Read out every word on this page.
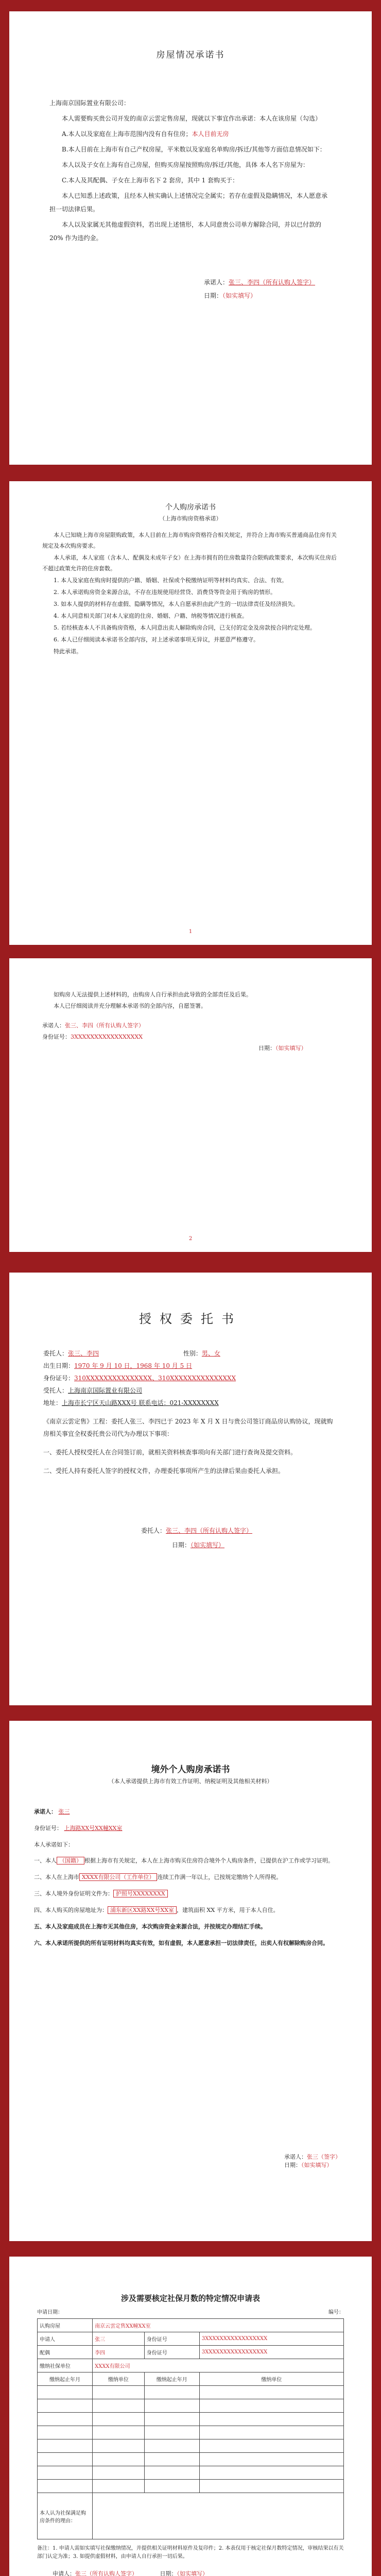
房屋情况承诺书

上海南京国际置业有限公司：

本人需要购买贵公司开发的南京云雲定售房屋，现就以下事宜作出承诺：本人在该房屋（勾选）

A.本人以及家庭在上海市范围内没有自有住房；本人目前无房

B.本人目前在上海市有自己产权房屋，平米数以及家庭名单购房/拆迁/其他等方面信息情况如下：

本人以及子女在上海有自己房屋，但购买房屋按照购房/拆迁/其他，具体 本人名下房屋为：

C.本人及其配偶、子女在上海市名下 2 套房，其中 1 套购买于：

本人已知悉上述政策，且经本人核实确认上述情况完全属实；若存在虚假及隐瞒情况，本人愿意承担一切法律后果。

本人以及家属无其他虚假资料，若出现上述情形，本人同意贵公司单方解除合同，并以已付款的 20% 作为违约金。

承诺人：张三、李四（所有认购人签字）
日期：（如实填写）
个人购房承诺书
（上海市购房资格承诺）

本人已知晓上海市房屋限购政策，本人目前在上海市购房资格符合相关规定，并符合上海市购买普通商品住房有关规定及本次购房要求。

本人承诺，本人家庭（含本人、配偶及未成年子女）在上海市拥有的住房数量符合限购政策要求，本次购买住房后不超过政策允许的住房套数。

1. 本人及家庭在购房时提供的户籍、婚姻、社保或个税缴纳证明等材料均真实、合法、有效。

2. 本人承诺购房资金来源合法，不存在违规使用经营贷、消费贷等资金用于购房的情形。

3. 如本人提供的材料存在虚假、隐瞒等情况，本人自愿承担由此产生的一切法律责任及经济损失。

4. 本人同意相关部门对本人家庭的住房、婚姻、户籍、纳税等情况进行核查。

5. 若经核查本人不具备购房资格，本人同意出卖人解除购房合同，已支付的定金及房款按合同约定处理。

6. 本人已仔细阅读本承诺书全部内容，对上述承诺事项无异议，并愿意严格遵守。

特此承诺。

1

如购房人无法提供上述材料的，由购房人自行承担由此导致的全部责任及后果。

本人已仔细阅读并充分理解本承诺书的全部内容，自愿签署。

承诺人：张三、李四（所有认购人签字）
身份证号：3XXXXXXXXXXXXXXXXX
日期：（如实填写）
2
授权委托书
委托人：张三、李四	性别：男、女
出生日期：1970 年 9 月 10 日，1968 年 10 月 5 日
身份证号：310XXXXXXXXXXXXXXX、310XXXXXXXXXXXXXXX
受托人：上海南京国际置业有限公司
地址：上海市长宁区天山路XXX号 联系电话：021-XXXXXXXX

《南京云雲定售》工程：委托人张三、李四已于 2023 年 X 月 X 日与贵公司签订商品房认购协议，现就购房相关事宜全权委托贵公司代为办理以下事项：

一、委托人授权受托人在合同签订前，就相关资料核查事项向有关部门进行查询及提交资料。

二、受托人持有委托人签字的授权文件，办理委托事项所产生的法律后果由委托人承担。

委托人：张三、李四（所有认购人签字）
日期：（如实填写）
境外个人购房承诺书
（本人承诺提供上海市有效工作证明、纳税证明及其他相关材料）
承诺人： 张三
身份证号： 上海路XX号XX幢XX室
本人承诺如下：
一、本人 （国籍） 根据上海市有关规定，本人在上海市购买住房符合境外个人购房条件，已提供在沪工作或学习证明。
二、本人在上海市 XXXX有限公司（工作单位） 连续工作满一年以上，已按规定缴纳个人所得税。
三、本人境外身份证明文件为： 护照号XXXXXXXX
四、本人购买的房屋地址为： 浦东新区XX路XX号XX室 ，建筑面积 XX 平方米，用于本人自住。
五、本人及家庭成员在上海市无其他住房，本次购房资金来源合法，并按规定办理结汇手续。
六、本人承诺所提供的所有证明材料均真实有效，如有虚假，本人愿意承担一切法律责任，出卖人有权解除购房合同。
承诺人：张三（签字）
日期：（如实填写）
涉及需要核定社保月数的特定情况申请表
申请日期：	编号：
认购房屋	南京云雲定售XX幢XX室		
申请人	张三	身份证号	3XXXXXXXXXXXXXXXXX
配偶	李四	身份证号	3XXXXXXXXXXXXXXXXX
缴纳社保单位	XXXX有限公司		
缴纳起止年月	缴纳单位	缴纳起止年月	缴纳单位

本人认为社保满足购房条件的理由：			
备注：1. 申请人需如实填写社保缴纳情况，并提供相关证明材料原件及复印件；2. 本表仅用于核定社保月数特定情况，审核结果以有关部门认定为准；3. 如提供虚假材料，由申请人自行承担一切后果。
申请人：张三（所有认购人签字）	日期：（如实填写）
